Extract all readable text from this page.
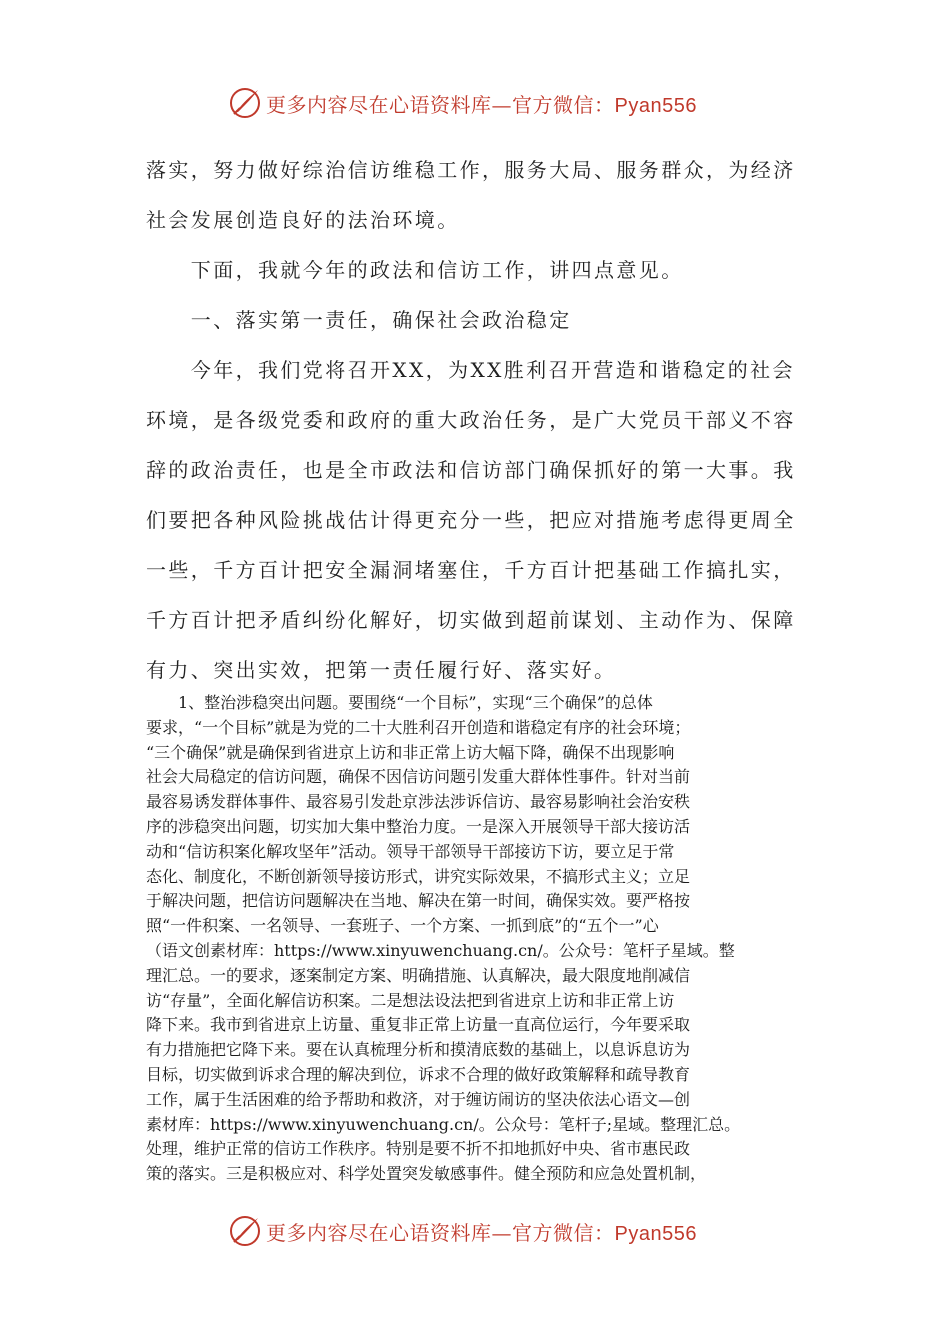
更多内容尽在心语资料库—官方微信：Pyan556
落实，努力做好综治信访维稳工作，服务大局、服务群众，为经济
社会发展创造良好的法治环境。
　　下面，我就今年的政法和信访工作，讲四点意见。
　　一、落实第一责任，确保社会政治稳定
　　今年，我们党将召开XX，为XX胜利召开营造和谐稳定的社会
环境，是各级党委和政府的重大政治任务，是广大党员干部义不容
辞的政治责任，也是全市政法和信访部门确保抓好的第一大事。我
们要把各种风险挑战估计得更充分一些，把应对措施考虑得更周全
一些，千方百计把安全漏洞堵塞住，千方百计把基础工作搞扎实，
千方百计把矛盾纠纷化解好，切实做到超前谋划、主动作为、保障
有力、突出实效，把第一责任履行好、落实好。
　　1、整治涉稳突出问题。要围绕“一个目标”，实现“三个确保”的总体
要求，“一个目标”就是为党的二十大胜利召开创造和谐稳定有序的社会环境；
“三个确保”就是确保到省进京上访和非正常上访大幅下降，确保不出现影响
社会大局稳定的信访问题，确保不因信访问题引发重大群体性事件。针对当前
最容易诱发群体事件、最容易引发赴京涉法涉诉信访、最容易影响社会治安秩
序的涉稳突出问题，切实加大集中整治力度。一是深入开展领导干部大接访活
动和“信访积案化解攻坚年”活动。领导干部领导干部接访下访，要立足于常
态化、制度化，不断创新领导接访形式，讲究实际效果，不搞形式主义；立足
于解决问题，把信访问题解决在当地、解决在第一时间，确保实效。要严格按
照“一件积案、一名领导、一套班子、一个方案、一抓到底”的“五个一”心
（语文创素材库：https://www.xinyuwenchuang.cn/。公众号：笔杆子星域。整
理汇总。一的要求，逐案制定方案、明确措施、认真解决，最大限度地削减信
访“存量”，全面化解信访积案。二是想法设法把到省进京上访和非正常上访
降下来。我市到省进京上访量、重复非正常上访量一直高位运行，今年要采取
有力措施把它降下来。要在认真梳理分析和摸清底数的基础上，以息诉息访为
目标，切实做到诉求合理的解决到位，诉求不合理的做好政策解释和疏导教育
工作，属于生活困难的给予帮助和救济，对于缠访闹访的坚决依法心语文—创
素材库：https://www.xinyuwenchuang.cn/。公众号：笔杆子;星域。整理汇总。
处理，维护正常的信访工作秩序。特别是要不折不扣地抓好中央、省市惠民政
策的落实。三是积极应对、科学处置突发敏感事件。健全预防和应急处置机制，
更多内容尽在心语资料库—官方微信：Pyan556
